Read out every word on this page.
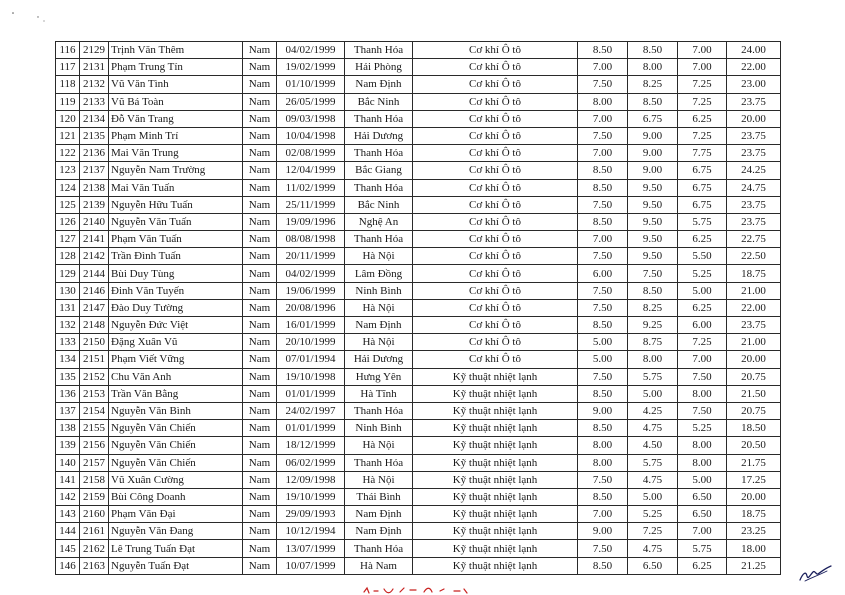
116	2129	Trịnh Văn Thêm	Nam	04/02/1999	Thanh Hóa	Cơ khí Ô tô	8.50	8.50	7.00	24.00
117	2131	Phạm Trung Tín	Nam	19/02/1999	Hải Phòng	Cơ khí Ô tô	7.00	8.00	7.00	22.00
118	2132	Vũ Văn Tình	Nam	01/10/1999	Nam Định	Cơ khí Ô tô	7.50	8.25	7.25	23.00
119	2133	Vũ Bá Toàn	Nam	26/05/1999	Bắc Ninh	Cơ khí Ô tô	8.00	8.50	7.25	23.75
120	2134	Đỗ Văn Trang	Nam	09/03/1998	Thanh Hóa	Cơ khí Ô tô	7.00	6.75	6.25	20.00
121	2135	Phạm Minh Trí	Nam	10/04/1998	Hải Dương	Cơ khí Ô tô	7.50	9.00	7.25	23.75
122	2136	Mai Văn Trung	Nam	02/08/1999	Thanh Hóa	Cơ khí Ô tô	7.00	9.00	7.75	23.75
123	2137	Nguyễn Nam Trường	Nam	12/04/1999	Bắc Giang	Cơ khí Ô tô	8.50	9.00	6.75	24.25
124	2138	Mai Văn Tuấn	Nam	11/02/1999	Thanh Hóa	Cơ khí Ô tô	8.50	9.50	6.75	24.75
125	2139	Nguyễn Hữu Tuấn	Nam	25/11/1999	Bắc Ninh	Cơ khí Ô tô	7.50	9.50	6.75	23.75
126	2140	Nguyễn Văn Tuấn	Nam	19/09/1996	Nghệ An	Cơ khí Ô tô	8.50	9.50	5.75	23.75
127	2141	Phạm Văn Tuấn	Nam	08/08/1998	Thanh Hóa	Cơ khí Ô tô	7.00	9.50	6.25	22.75
128	2142	Trần Đình Tuấn	Nam	20/11/1999	Hà Nội	Cơ khí Ô tô	7.50	9.50	5.50	22.50
129	2144	Bùi Duy Tùng	Nam	04/02/1999	Lâm Đồng	Cơ khí Ô tô	6.00	7.50	5.25	18.75
130	2146	Đinh Văn Tuyến	Nam	19/06/1999	Ninh Bình	Cơ khí Ô tô	7.50	8.50	5.00	21.00
131	2147	Đào Duy Tường	Nam	20/08/1996	Hà Nội	Cơ khí Ô tô	7.50	8.25	6.25	22.00
132	2148	Nguyễn Đức Việt	Nam	16/01/1999	Nam Định	Cơ khí Ô tô	8.50	9.25	6.00	23.75
133	2150	Đặng Xuân Vũ	Nam	20/10/1999	Hà Nội	Cơ khí Ô tô	5.00	8.75	7.25	21.00
134	2151	Phạm Viết Vững	Nam	07/01/1994	Hải Dương	Cơ khí Ô tô	5.00	8.00	7.00	20.00
135	2152	Chu Văn Anh	Nam	19/10/1998	Hưng Yên	Kỹ thuật nhiệt lạnh	7.50	5.75	7.50	20.75
136	2153	Trần Văn Bằng	Nam	01/01/1999	Hà Tĩnh	Kỹ thuật nhiệt lạnh	8.50	5.00	8.00	21.50
137	2154	Nguyễn Văn Bình	Nam	24/02/1997	Thanh Hóa	Kỹ thuật nhiệt lạnh	9.00	4.25	7.50	20.75
138	2155	Nguyễn Văn Chiến	Nam	01/01/1999	Ninh Bình	Kỹ thuật nhiệt lạnh	8.50	4.75	5.25	18.50
139	2156	Nguyễn Văn Chiến	Nam	18/12/1999	Hà Nội	Kỹ thuật nhiệt lạnh	8.00	4.50	8.00	20.50
140	2157	Nguyễn Văn Chiến	Nam	06/02/1999	Thanh Hóa	Kỹ thuật nhiệt lạnh	8.00	5.75	8.00	21.75
141	2158	Vũ Xuân Cường	Nam	12/09/1998	Hà Nội	Kỹ thuật nhiệt lạnh	7.50	4.75	5.00	17.25
142	2159	Bùi Công Doanh	Nam	19/10/1999	Thái Bình	Kỹ thuật nhiệt lạnh	8.50	5.00	6.50	20.00
143	2160	Phạm Văn Đại	Nam	29/09/1993	Nam Định	Kỹ thuật nhiệt lạnh	7.00	5.25	6.50	18.75
144	2161	Nguyễn Văn Đang	Nam	10/12/1994	Nam Định	Kỹ thuật nhiệt lạnh	9.00	7.25	7.00	23.25
145	2162	Lê Trung Tuấn Đạt	Nam	13/07/1999	Thanh Hóa	Kỹ thuật nhiệt lạnh	7.50	4.75	5.75	18.00
146	2163	Nguyễn Tuấn Đạt	Nam	10/07/1999	Hà Nam	Kỹ thuật nhiệt lạnh	8.50	6.50	6.25	21.25
